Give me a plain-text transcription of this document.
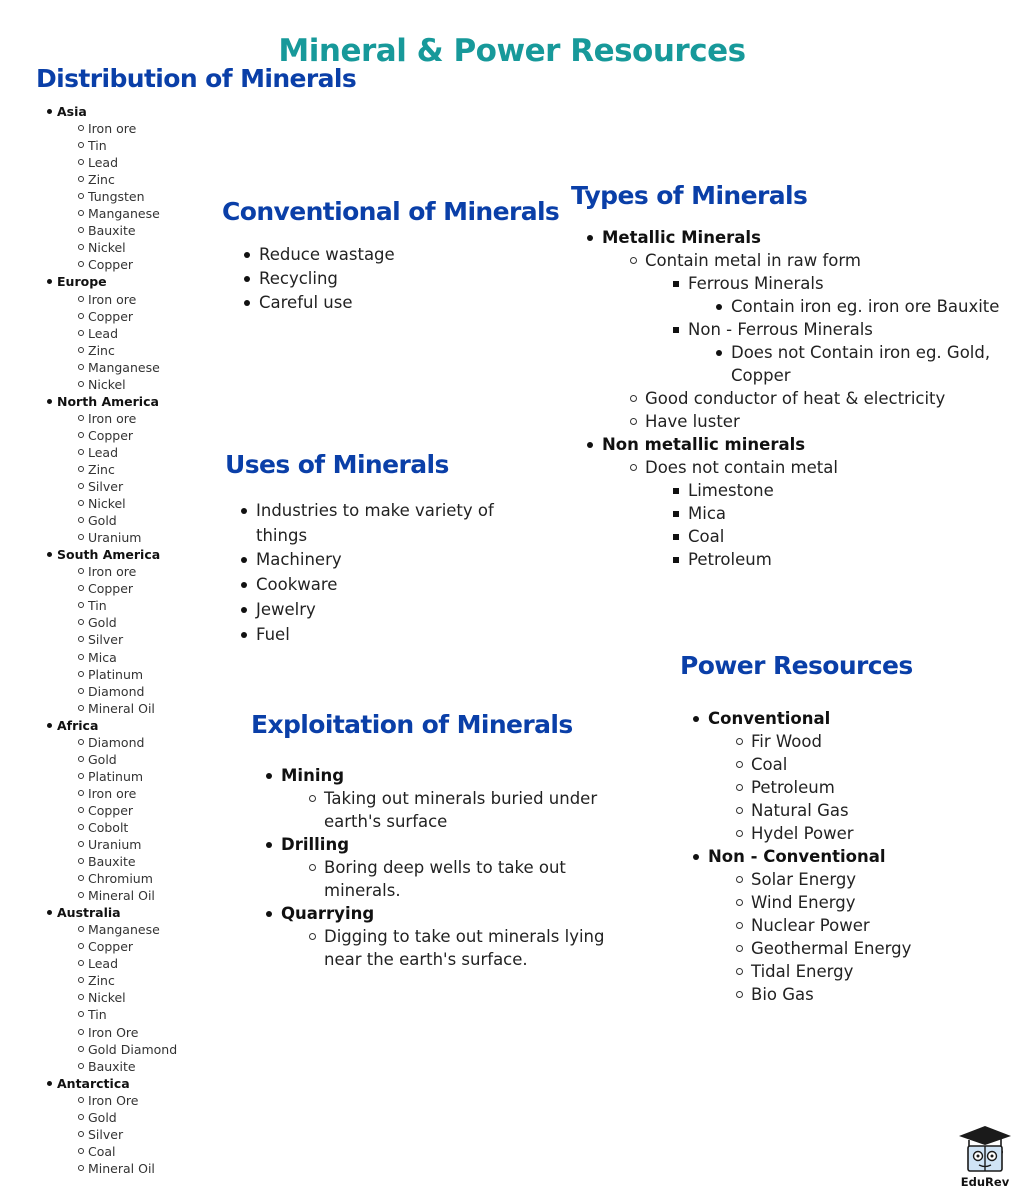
Mineral & Power Resources
Distribution of Minerals
Asia
Iron ore
Tin
Lead
Zinc
Tungsten
Manganese
Bauxite
Nickel
Copper
Europe
Iron ore
Copper
Lead
Zinc
Manganese
Nickel
North America
Iron ore
Copper
Lead
Zinc
Silver
Nickel
Gold
Uranium
South America
Iron ore
Copper
Tin
Gold
Silver
Mica
Platinum
Diamond
Mineral Oil
Africa
Diamond
Gold
Platinum
Iron ore
Copper
Cobolt
Uranium
Bauxite
Chromium
Mineral Oil
Australia
Manganese
Copper
Lead
Zinc
Nickel
Tin
Iron Ore
Gold Diamond
Bauxite
Antarctica
Iron Ore
Gold
Silver
Coal
Mineral Oil
Conventional of Minerals
Reduce wastage
Recycling
Careful use
Types of Minerals
Metallic Minerals
Contain metal in raw form
Ferrous Minerals
Contain iron eg. iron ore Bauxite
Non - Ferrous Minerals
Does not Contain iron eg. Gold, Copper
Good conductor of heat & electricity
Have luster
Non metallic minerals
Does not contain metal
Limestone
Mica
Coal
Petroleum
Uses of Minerals
Industries to make variety of things
Machinery
Cookware
Jewelry
Fuel
Exploitation of Minerals
Mining
Taking out minerals buried under earth's surface
Drilling
Boring deep wells to take out minerals.
Quarrying
Digging to take out minerals lying near the earth's surface.
Power Resources
Conventional
Fir Wood
Coal
Petroleum
Natural Gas
Hydel Power
Non - Conventional
Solar Energy
Wind Energy
Nuclear Power
Geothermal Energy
Tidal Energy
Bio Gas
EduRev
